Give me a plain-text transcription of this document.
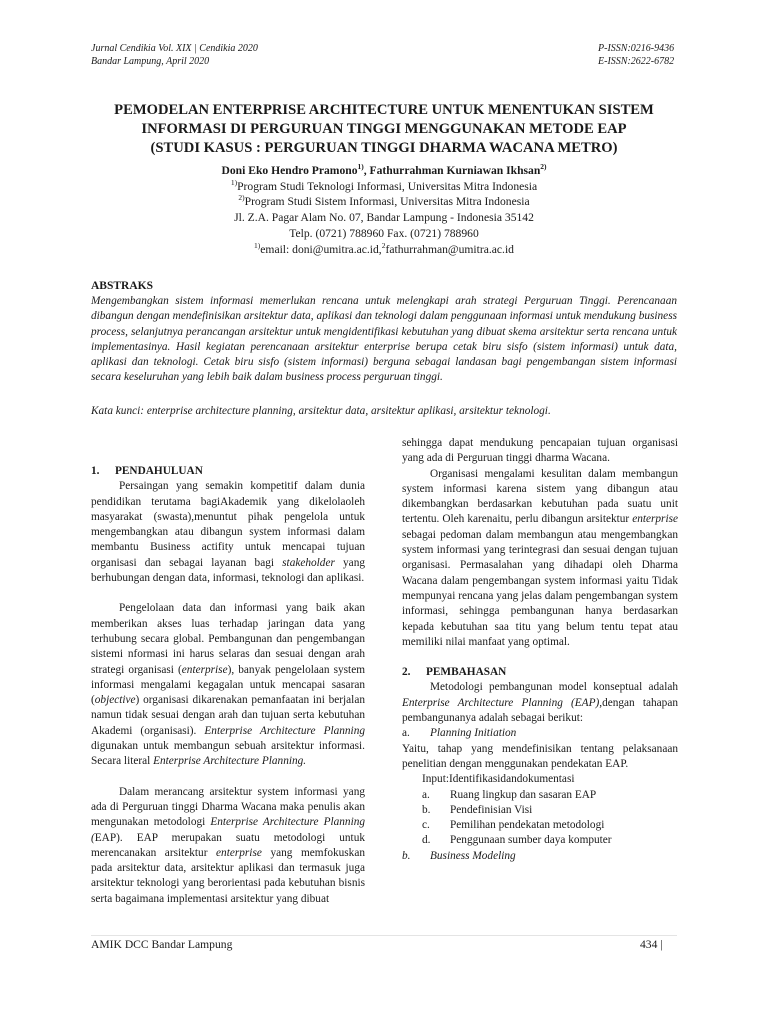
Jurnal Cendikia Vol. XIX | Cendikia 2020
Bandar Lampung, April 2020
P-ISSN:0216-9436
E-ISSN:2622-6782
PEMODELAN ENTERPRISE ARCHITECTURE UNTUK MENENTUKAN SISTEM
INFORMASI DI PERGURUAN TINGGI MENGGUNAKAN METODE EAP
(STUDI KASUS : PERGURUAN TINGGI DHARMA WACANA METRO)
Doni Eko Hendro Pramono$^{1)}$, Fathurrahman Kurniawan Ikhsan$^{2)}$
$^{1)}$Program Studi Teknologi Informasi, Universitas Mitra Indonesia
$^{2)}$Program Studi Sistem Informasi, Universitas Mitra Indonesia
Jl. Z.A. Pagar Alam No. 07, Bandar Lampung - Indonesia 35142
Telp. (0721) 788960 Fax. (0721) 788960
$^{1)}$email: doni@umitra.ac.id,$^2$fathurrahman@umitra.ac.id
ABSTRAKS
Mengembangkan sistem informasi memerlukan rencana untuk melengkapi arah strategi Perguruan Tinggi. Perencanaan dibangun dengan mendefinisikan arsitektur data, aplikasi dan teknologi dalam penggunaan informasi untuk mendukung business process, selanjutnya perancangan arsitektur untuk mengidentifikasi kebutuhan yang dibuat skema arsitektur serta rencana untuk implementasinya. Hasil kegiatan perencanaan arsitektur enterprise berupa cetak biru sisfo (sistem informasi) untuk data, aplikasi dan teknologi. Cetak biru sisfo (sistem informasi) berguna sebagai landasan bagi pengembangan sistem informasi secara keseluruhan yang lebih baik dalam business process perguruan tinggi.
Kata kunci: enterprise architecture planning, arsitektur data, arsitektur aplikasi, arsitektur teknologi.

1. PENDAHULUAN

Persaingan yang semakin kompetitif dalam dunia pendidikan terutama bagiAkademik yang dikelolaoleh masyarakat (swasta),menuntut pihak pengelola untuk mengembangkan atau dibangun system informasi dalam membantu Business actifity untuk mencapai tujuan organisasi dan sebagai layanan bagi stakeholder yang berhubungan dengan data, informasi, teknologi dan aplikasi.

Pengelolaan data dan informasi yang baik akan memberikan akses luas terhadap jaringan data yang terhubung secara global. Pembangunan dan pengembangan sistemi nformasi ini harus selaras dan sesuai dengan arah strategi organisasi (enterprise), banyak pengelolaan system informasi mengalami kegagalan untuk mencapai sasaran (objective) organisasi dikarenakan pemanfaatan ini berjalan namun tidak sesuai dengan arah dan tujuan serta kebutuhan Akademi (organisasi). Enterprise Architecture Planning digunakan untuk membangun sebuah arsitektur informasi. Secara literal Enterprise Architecture Planning.

Dalam merancang arsitektur system informasi yang ada di Perguruan tinggi Dharma Wacana maka penulis akan mengunakan metodologi Enterprise Architecture Planning (EAP). EAP merupakan suatu metodologi untuk merencanakan arsitektur enterprise yang memfokuskan pada arsitektur data, arsitektur aplikasi dan termasuk juga arsitektur teknologi yang berorientasi pada kebutuhan bisnis serta bagaimana implementasi arsitektur yang dibuat

sehingga dapat mendukung pencapaian tujuan organisasi yang ada di Perguruan tinggi dharma Wacana.

Organisasi mengalami kesulitan dalam membangun system informasi karena sistem yang dibangun atau dikembangkan berdasarkan kebutuhan pada suatu unit tertentu. Oleh karenaitu, perlu dibangun arsitektur enterprise sebagai pedoman dalam membangun atau mengembangkan system informasi yang terintegrasi dan sesuai dengan tujuan organisasi. Permasalahan yang dihadapi oleh Dharma Wacana dalam pengembangan system informasi yaitu Tidak mempunyai rencana yang jelas dalam pengembangan system informasi, sehingga pembangunan hanya berdasarkan kepada kebutuhan saa titu yang belum tentu tepat atau memiliki nilai manfaat yang optimal.

2. PEMBAHASAN

Metodologi pembangunan model konseptual adalah Enterprise Architecture Planning (EAP),dengan tahapan pembangunanya adalah sebagai berikut:

a.	Planning Initiation

Yaitu, tahap yang mendefinisikan tentang pelaksanaan penelitian dengan menggunakan pendekatan EAP.

Input:Identifikasidandokumentasi

a.	Ruang lingkup dan sasaran EAP

b.	Pendefinisian Visi

c.	Pemilihan pendekatan metodologi

d.	Penggunaan sumber daya komputer

b.	Business Modeling

AMIK DCC Bandar Lampung	434 |
